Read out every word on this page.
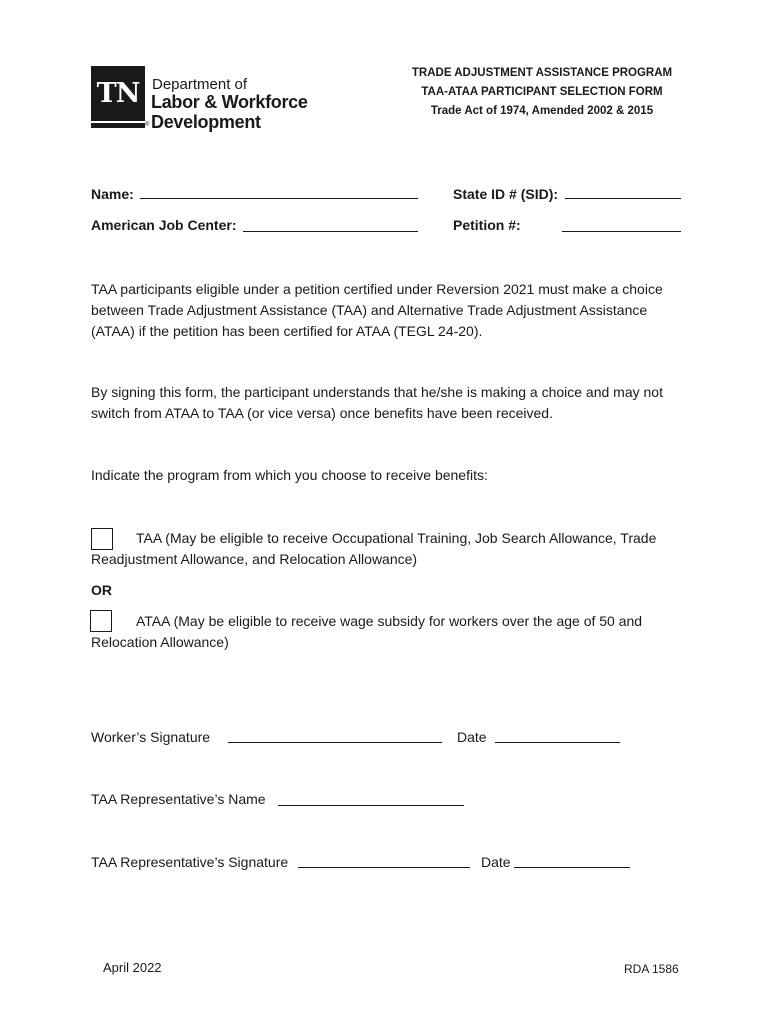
TN
®
Department of
Labor & Workforce
Development
TRADE ADJUSTMENT ASSISTANCE PROGRAM
TAA-ATAA PARTICIPANT SELECTION FORM
Trade Act of 1974, Amended 2002 & 2015
Name:	State ID # (SID):
American Job Center:	Petition #:
TAA participants eligible under a petition certified under Reversion 2021 must make a choice between Trade Adjustment Assistance (TAA) and Alternative Trade Adjustment Assistance (ATAA) if the petition has been certified for ATAA (TEGL 24-20).
By signing this form, the participant understands that he/she is making a choice and may not switch from ATAA to TAA (or vice versa) once benefits have been received.
Indicate the program from which you choose to receive benefits:
TAA (May be eligible to receive Occupational Training, Job Search Allowance, Trade Readjustment Allowance, and Relocation Allowance)
OR
ATAA (May be eligible to receive wage subsidy for workers over the age of 50 and Relocation Allowance)
Worker’s Signature	Date
TAA Representative’s Name
TAA Representative’s Signature	Date
April 2022	RDA 1586
